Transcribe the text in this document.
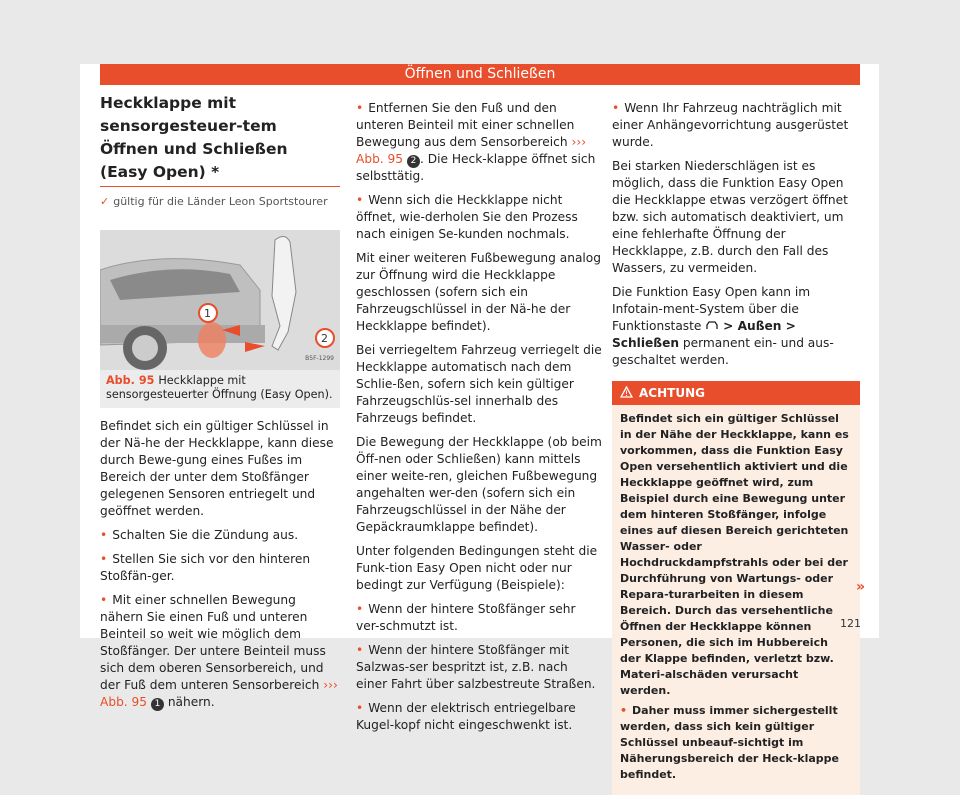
Öffnen und Schließen
Heckklappe mit sensorgesteuer-tem Öffnen und Schließen (Easy Open) *
✓ gültig für die Länder Leon Sportstourer
1
2
B5F-1299
Abb. 95 Heckklappe mit sensorgesteuerter Öffnung (Easy Open).

Befindet sich ein gültiger Schlüssel in der Nä-he der Heckklappe, kann diese durch Bewe-gung eines Fußes im Bereich der unter dem Stoßfänger gelegenen Sensoren entriegelt und geöffnet werden.

• Schalten Sie die Zündung aus.

• Stellen Sie sich vor den hinteren Stoßfän-ger.

• Mit einer schnellen Bewegung nähern Sie einen Fuß und unteren Beinteil so weit wie möglich dem Stoßfänger. Der untere Beinteil muss sich dem oberen Sensorbereich, und der Fuß dem unteren Sensorbereich ››› Abb. 95 1 nähern.

• Entfernen Sie den Fuß und den unteren Beinteil mit einer schnellen Bewegung aus dem Sensorbereich ››› Abb. 95 2 . Die Heck-klappe öffnet sich selbsttätig.

• Wenn sich die Heckklappe nicht öffnet, wie-derholen Sie den Prozess nach einigen Se-kunden nochmals.

Mit einer weiteren Fußbewegung analog zur Öffnung wird die Heckklappe geschlossen (sofern sich ein Fahrzeugschlüssel in der Nä-he der Heckklappe befindet).

Bei verriegeltem Fahrzeug verriegelt die Heckklappe automatisch nach dem Schlie-ßen, sofern sich kein gültiger Fahrzeugschlüs-sel innerhalb des Fahrzeugs befindet.

Die Bewegung der Heckklappe (ob beim Öff-nen oder Schließen) kann mittels einer weite-ren, gleichen Fußbewegung angehalten wer-den (sofern sich ein Fahrzeugschlüssel in der Nähe der Gepäckraumklappe befindet).

Unter folgenden Bedingungen steht die Funk-tion Easy Open nicht oder nur bedingt zur Verfügung (Beispiele):

• Wenn der hintere Stoßfänger sehr ver-schmutzt ist.

• Wenn der hintere Stoßfänger mit Salzwas-ser bespritzt ist, z.B. nach einer Fahrt über salzbestreute Straßen.

• Wenn der elektrisch entriegelbare Kugel-kopf nicht eingeschwenkt ist.

• Wenn Ihr Fahrzeug nachträglich mit einer Anhängevorrichtung ausgerüstet wurde.

Bei starken Niederschlägen ist es möglich, dass die Funktion Easy Open die Heckklappe etwas verzögert öffnet bzw. sich automatisch deaktiviert, um eine fehlerhafte Öffnung der Heckklappe, z.B. durch den Fall des Wassers, zu vermeiden.

Die Funktion Easy Open kann im Infotain-ment-System über die Funktionstaste > Außen > Schließen permanent ein- und aus-geschaltet werden.

ACHTUNG

Befindet sich ein gültiger Schlüssel in der Nähe der Heckklappe, kann es vorkommen, dass die Funktion Easy Open versehentlich aktiviert und die Heckklappe geöffnet wird, zum Beispiel durch eine Bewegung unter dem hinteren Stoßfänger, infolge eines auf diesen Bereich gerichteten Wasser- oder Hochdruckdampfstrahls oder bei der Durchführung von Wartungs- oder Repara-turarbeiten in diesem Bereich. Durch das versehentliche Öffnen der Heckklappe können Personen, die sich im Hubbereich der Klappe befinden, verletzt bzw. Materi-alschäden verursacht werden.

• Daher muss immer sichergestellt werden, dass sich kein gültiger Schlüssel unbeauf-sichtigt im Näherungsbereich der Heck-klappe befindet.

»
121
